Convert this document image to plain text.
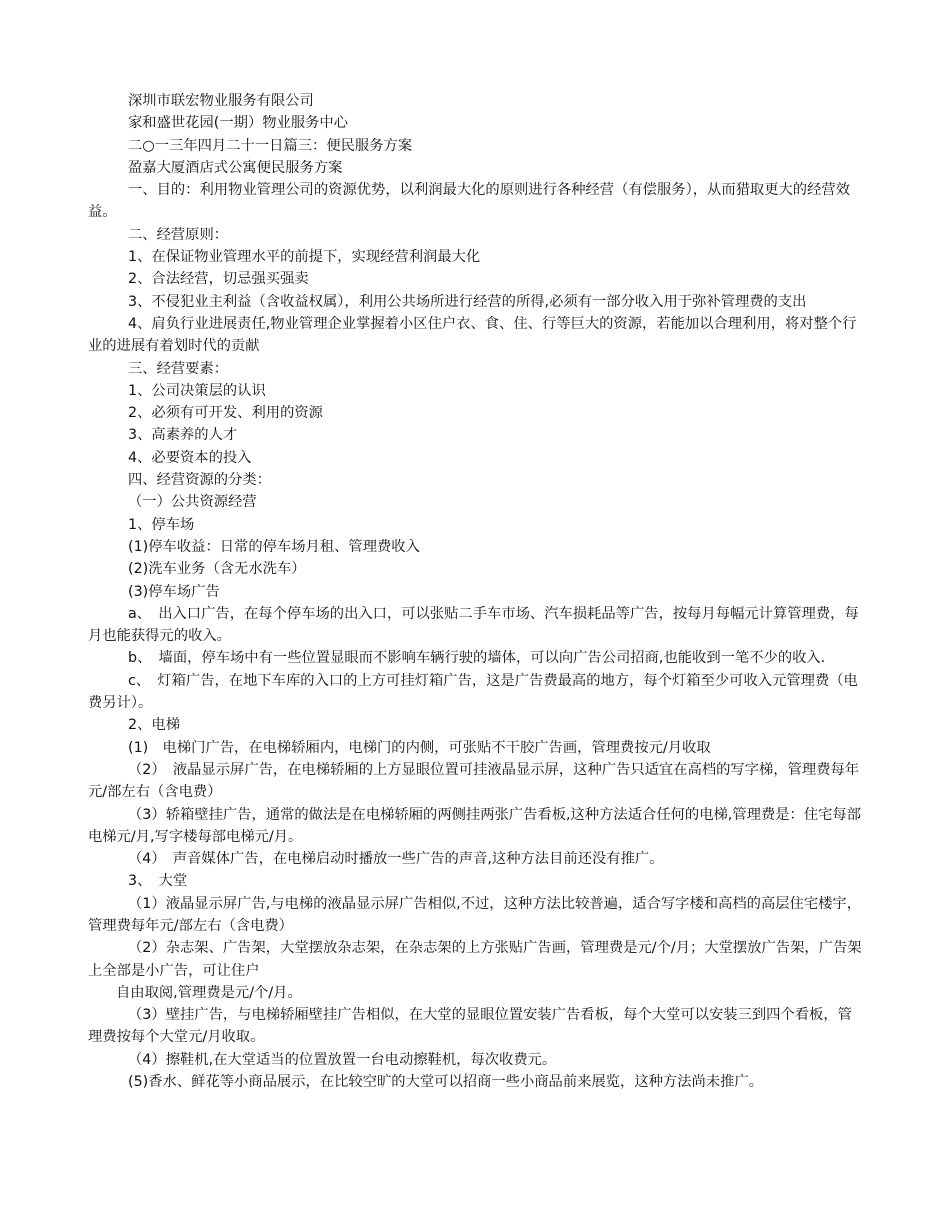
深圳市联宏物业服务有限公司

家和盛世花园(一期）物业服务中心

二○一三年四月二十一日篇三：便民服务方案

盈嘉大厦酒店式公寓便民服务方案

一、目的：利用物业管理公司的资源优势，以利润最大化的原则进行各种经营（有偿服务），从而猎取更大的经营效益。

二、经营原则：

1、在保证物业管理水平的前提下，实现经营利润最大化

2、合法经营，切忌强买强卖

3、不侵犯业主利益（含收益权属），利用公共场所进行经营的所得,必须有一部分收入用于弥补管理费的支出

4、肩负行业进展责任,物业管理企业掌握着小区住户衣、食、住、行等巨大的资源，若能加以合理利用，将对整个行业的进展有着划时代的贡献

三、经营要素：

1、公司决策层的认识

2、必须有可开发、利用的资源

3、高素养的人才

4、必要资本的投入

四、经营资源的分类：

（一）公共资源经营

1、停车场

(1)停车收益：日常的停车场月租、管理费收入

(2)洗车业务（含无水洗车）

(3)停车场广告

a、　出入口广告，在每个停车场的出入口，可以张贴二手车市场、汽车损耗品等广告，按每月每幅元计算管理费，每月也能获得元的收入。

b、　墙面，停车场中有一些位置显眼而不影响车辆行驶的墙体，可以向广告公司招商,也能收到一笔不少的收入.

c、　灯箱广告，在地下车库的入口的上方可挂灯箱广告，这是广告费最高的地方，每个灯箱至少可收入元管理费（电费另计）。

2、电梯

(1)　电梯门广告，在电梯轿厢内，电梯门的内侧，可张贴不干胶广告画，管理费按元/月收取

（2）　液晶显示屏广告，在电梯轿厢的上方显眼位置可挂液晶显示屏，这种广告只适宜在高档的写字梯，管理费每年元/部左右（含电费）

（3）轿箱壁挂广告，通常的做法是在电梯轿厢的两侧挂两张广告看板,这种方法适合任何的电梯,管理费是：住宅每部电梯元/月,写字楼每部电梯元/月。

（4）　声音媒体广告，在电梯启动时播放一些广告的声音,这种方法目前还没有推广。

3、　大堂

（1）液晶显示屏广告,与电梯的液晶显示屏广告相似,不过，这种方法比较普遍，适合写字楼和高档的高层住宅楼宇，管理费每年元/部左右（含电费）

（2）杂志架、广告架，大堂摆放杂志架，在杂志架的上方张贴广告画，管理费是元/个/月；大堂摆放广告架，广告架上全部是小广告，可让住户

自由取阅,管理费是元/个/月。

（3）壁挂广告，与电梯轿厢壁挂广告相似，在大堂的显眼位置安装广告看板，每个大堂可以安装三到四个看板，管理费按每个大堂元/月收取。

（4）擦鞋机,在大堂适当的位置放置一台电动擦鞋机，每次收费元。

(5)香水、鲜花等小商品展示，在比较空旷的大堂可以招商一些小商品前来展览，这种方法尚未推广。
